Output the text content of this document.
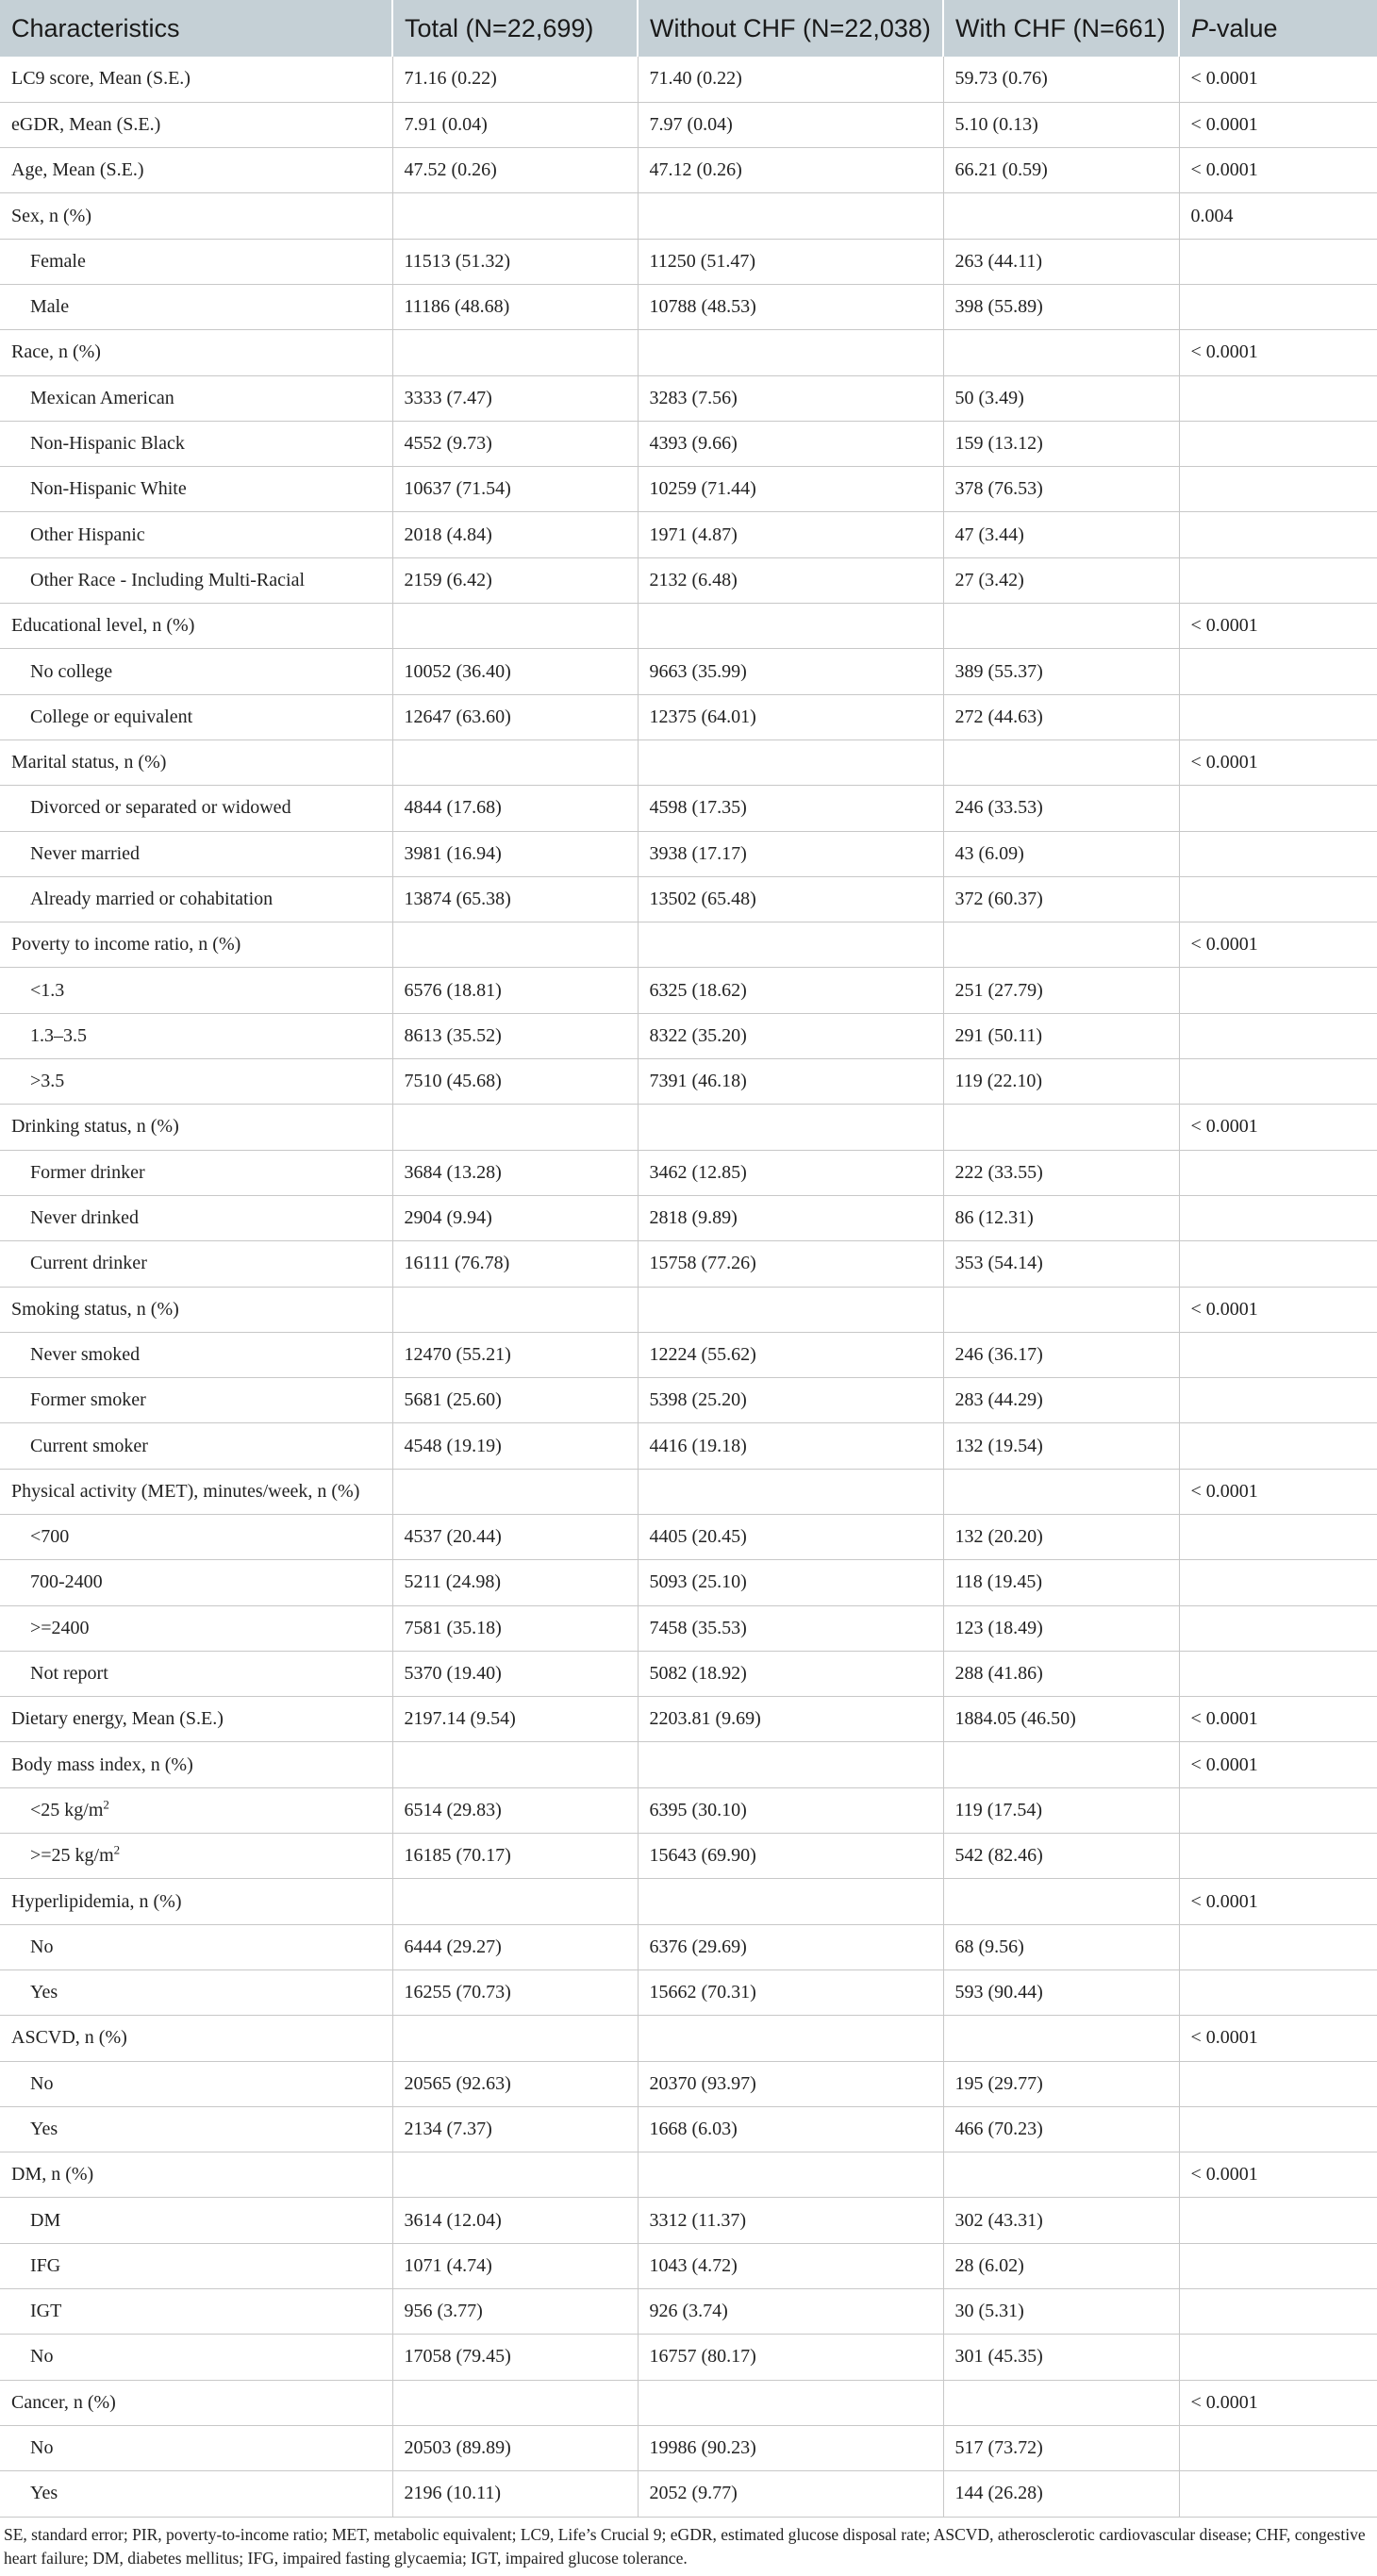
Characteristics	Total (N=22,699)	Without CHF (N=22,038)	With CHF (N=661)	P-value
LC9 score, Mean (S.E.)	71.16 (0.22)	71.40 (0.22)	59.73 (0.76)	< 0.0001
eGDR, Mean (S.E.)	7.91 (0.04)	7.97 (0.04)	5.10 (0.13)	< 0.0001
Age, Mean (S.E.)	47.52 (0.26)	47.12 (0.26)	66.21 (0.59)	< 0.0001
Sex, n (%)				0.004
Female	11513 (51.32)	11250 (51.47)	263 (44.11)	
Male	11186 (48.68)	10788 (48.53)	398 (55.89)	
Race, n (%)				< 0.0001
Mexican American	3333 (7.47)	3283 (7.56)	50 (3.49)	
Non-Hispanic Black	4552 (9.73)	4393 (9.66)	159 (13.12)	
Non-Hispanic White	10637 (71.54)	10259 (71.44)	378 (76.53)	
Other Hispanic	2018 (4.84)	1971 (4.87)	47 (3.44)	
Other Race - Including Multi-Racial	2159 (6.42)	2132 (6.48)	27 (3.42)	
Educational level, n (%)				< 0.0001
No college	10052 (36.40)	9663 (35.99)	389 (55.37)	
College or equivalent	12647 (63.60)	12375 (64.01)	272 (44.63)	
Marital status, n (%)				< 0.0001
Divorced or separated or widowed	4844 (17.68)	4598 (17.35)	246 (33.53)	
Never married	3981 (16.94)	3938 (17.17)	43 (6.09)	
Already married or cohabitation	13874 (65.38)	13502 (65.48)	372 (60.37)	
Poverty to income ratio, n (%)				< 0.0001
<1.3	6576 (18.81)	6325 (18.62)	251 (27.79)	
1.3–3.5	8613 (35.52)	8322 (35.20)	291 (50.11)	
>3.5	7510 (45.68)	7391 (46.18)	119 (22.10)	
Drinking status, n (%)				< 0.0001
Former drinker	3684 (13.28)	3462 (12.85)	222 (33.55)	
Never drinked	2904 (9.94)	2818 (9.89)	86 (12.31)	
Current drinker	16111 (76.78)	15758 (77.26)	353 (54.14)	
Smoking status, n (%)				< 0.0001
Never smoked	12470 (55.21)	12224 (55.62)	246 (36.17)	
Former smoker	5681 (25.60)	5398 (25.20)	283 (44.29)	
Current smoker	4548 (19.19)	4416 (19.18)	132 (19.54)	
Physical activity (MET), minutes/week, n (%)				< 0.0001
<700	4537 (20.44)	4405 (20.45)	132 (20.20)	
700-2400	5211 (24.98)	5093 (25.10)	118 (19.45)	
>=2400	7581 (35.18)	7458 (35.53)	123 (18.49)	
Not report	5370 (19.40)	5082 (18.92)	288 (41.86)	
Dietary energy, Mean (S.E.)	2197.14 (9.54)	2203.81 (9.69)	1884.05 (46.50)	< 0.0001
Body mass index, n (%)				< 0.0001
<25 $kg/m^2$	6514 (29.83)	6395 (30.10)	119 (17.54)	
>=25 $kg/m^2$	16185 (70.17)	15643 (69.90)	542 (82.46)	
Hyperlipidemia, n (%)				< 0.0001
No	6444 (29.27)	6376 (29.69)	68 (9.56)	
Yes	16255 (70.73)	15662 (70.31)	593 (90.44)	
ASCVD, n (%)				< 0.0001
No	20565 (92.63)	20370 (93.97)	195 (29.77)	
Yes	2134 (7.37)	1668 (6.03)	466 (70.23)	
DM, n (%)				< 0.0001
DM	3614 (12.04)	3312 (11.37)	302 (43.31)	
IFG	1071 (4.74)	1043 (4.72)	28 (6.02)	
IGT	956 (3.77)	926 (3.74)	30 (5.31)	
No	17058 (79.45)	16757 (80.17)	301 (45.35)	
Cancer, n (%)				< 0.0001
No	20503 (89.89)	19986 (90.23)	517 (73.72)	
Yes	2196 (10.11)	2052 (9.77)	144 (26.28)	
SE, standard error; PIR, poverty-to-income ratio; MET, metabolic equivalent; LC9, Life’s Crucial 9; eGDR, estimated glucose disposal rate; ASCVD, atherosclerotic cardiovascular disease; CHF, congestive heart failure; DM, diabetes mellitus; IFG, impaired fasting glycaemia; IGT, impaired glucose tolerance.
